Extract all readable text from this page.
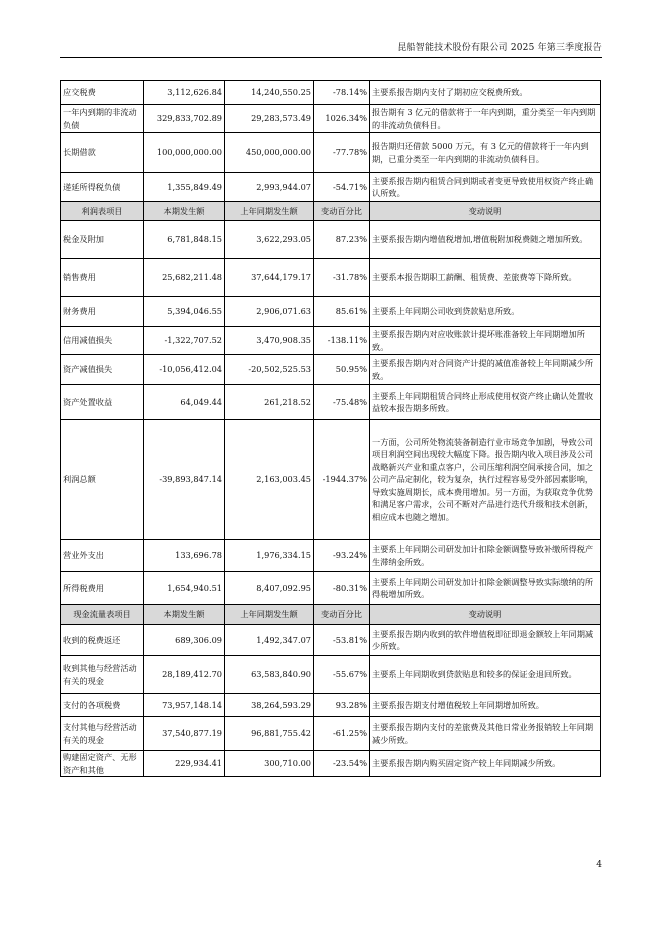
昆船智能技术股份有限公司 2025 年第三季度报告
应交税费	3,112,626.84	14,240,550.25	-78.14%	主要系报告期内支付了期初应交税费所致。
一年内到期的非流动负债	329,833,702.89	29,283,573.49	1026.34%	报告期有 3 亿元的借款将于一年内到期，重分类至一年内到期的非流动负债科目。
长期借款	100,000,000.00	450,000,000.00	-77.78%	报告期归还借款 5000 万元，有 3 亿元的借款将于一年内到期，已重分类至一年内到期的非流动负债科目。
递延所得税负债	1,355,849.49	2,993,944.07	-54.71%	主要系报告期内租赁合同到期或者变更导致使用权资产终止确认所致。
利润表项目	本期发生额	上年同期发生额	变动百分比	变动说明
税金及附加	6,781,848.15	3,622,293.05	87.23%	主要系报告期内增值税增加,增值税附加税费随之增加所致。
销售费用	25,682,211.48	37,644,179.17	-31.78%	主要系本报告期职工薪酬、租赁费、差旅费等下降所致。
财务费用	5,394,046.55	2,906,071.63	85.61%	主要系上年同期公司收到贷款贴息所致。
信用减值损失	-1,322,707.52	3,470,908.35	-138.11%	主要系报告期内对应收账款计提坏账准备较上年同期增加所致。
资产减值损失	-10,056,412.04	-20,502,525.53	50.95%	主要系报告期内对合同资产计提的减值准备较上年同期减少所致。
资产处置收益	64,049.44	261,218.52	-75.48%	主要系上年同期租赁合同终止形成使用权资产终止确认处置收益较本报告期多所致。
利润总额	-39,893,847.14	2,163,003.45	-1944.37%	一方面，公司所处物流装备制造行业市场竞争加剧，导致公司项目利润空间出现较大幅度下降。报告期内收入项目涉及公司战略新兴产业和重点客户，公司压缩利润空间承接合同，加之公司产品定制化，较为复杂，执行过程容易受外部因素影响，导致实施周期长，成本费用增加。另一方面，为获取竞争优势和满足客户需求，公司不断对产品进行迭代升级和技术创新，相应成本也随之增加。
营业外支出	133,696.78	1,976,334.15	-93.24%	主要系上年同期公司研发加计扣除金额调整导致补缴所得税产生滞纳金所致。
所得税费用	1,654,940.51	8,407,092.95	-80.31%	主要系上年同期公司研发加计扣除金额调整导致实际缴纳的所得税增加所致。
现金流量表项目	本期发生额	上年同期发生额	变动百分比	变动说明
收到的税费返还	689,306.09	1,492,347.07	-53.81%	主要系报告期内收到的软件增值税即征即退金额较上年同期减少所致。
收到其他与经营活动有关的现金	28,189,412.70	63,583,840.90	-55.67%	主要系上年同期收到贷款贴息和较多的保证金退回所致。
支付的各项税费	73,957,148.14	38,264,593.29	93.28%	主要系报告期支付增值税较上年同期增加所致。
支付其他与经营活动有关的现金	37,540,877.19	96,881,755.42	-61.25%	主要系报告期内支付的差旅费及其他日常业务报销较上年同期减少所致。
购建固定资产、无形资产和其他	229,934.41	300,710.00	-23.54%	主要系报告期内购买固定资产较上年同期减少所致。
4
